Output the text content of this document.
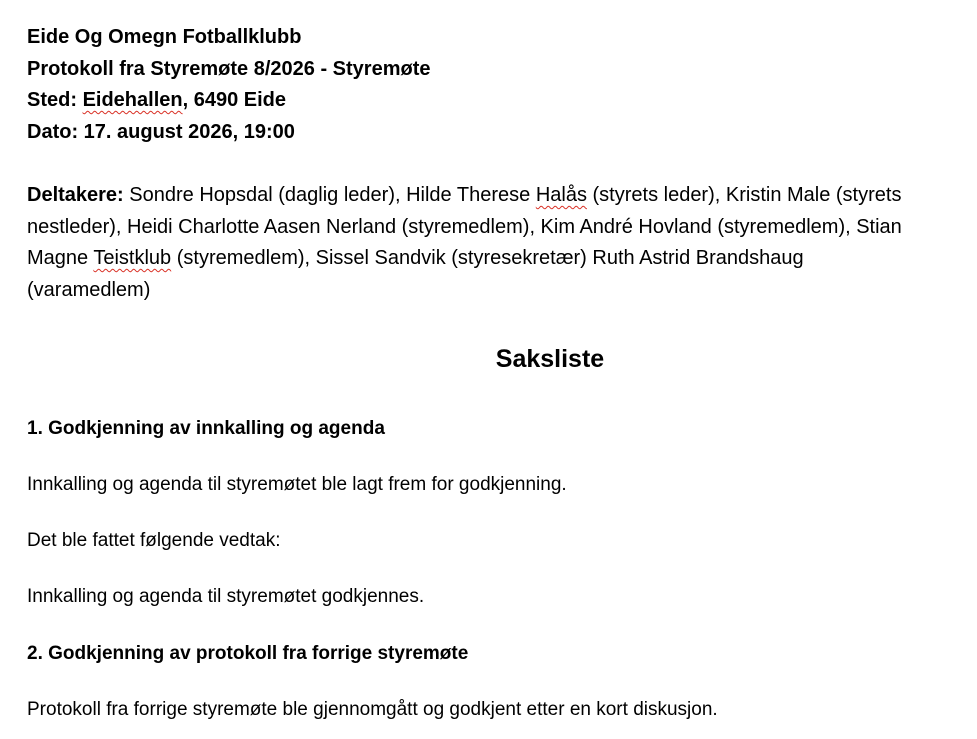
Eide Og Omegn Fotballklubb
Protokoll fra Styremøte 8/2026 - Styremøte
Sted: Eidehallen, 6490 Eide
Dato: 17. august 2026, 19:00
Deltakere: Sondre Hopsdal (daglig leder), Hilde Therese Halås (styrets leder), Kristin Male (styrets nestleder), Heidi Charlotte Aasen Nerland (styremedlem), Kim André Hovland (styremedlem), Stian Magne Teistklub (styremedlem), Sissel Sandvik (styresekretær) Ruth Astrid Brandshaug (varamedlem)
Saksliste
1. Godkjenning av innkalling og agenda
Innkalling og agenda til styremøtet ble lagt frem for godkjenning.
Det ble fattet følgende vedtak:
Innkalling og agenda til styremøtet godkjennes.
2. Godkjenning av protokoll fra forrige styremøte
Protokoll fra forrige styremøte ble gjennomgått og godkjent etter en kort diskusjon.
